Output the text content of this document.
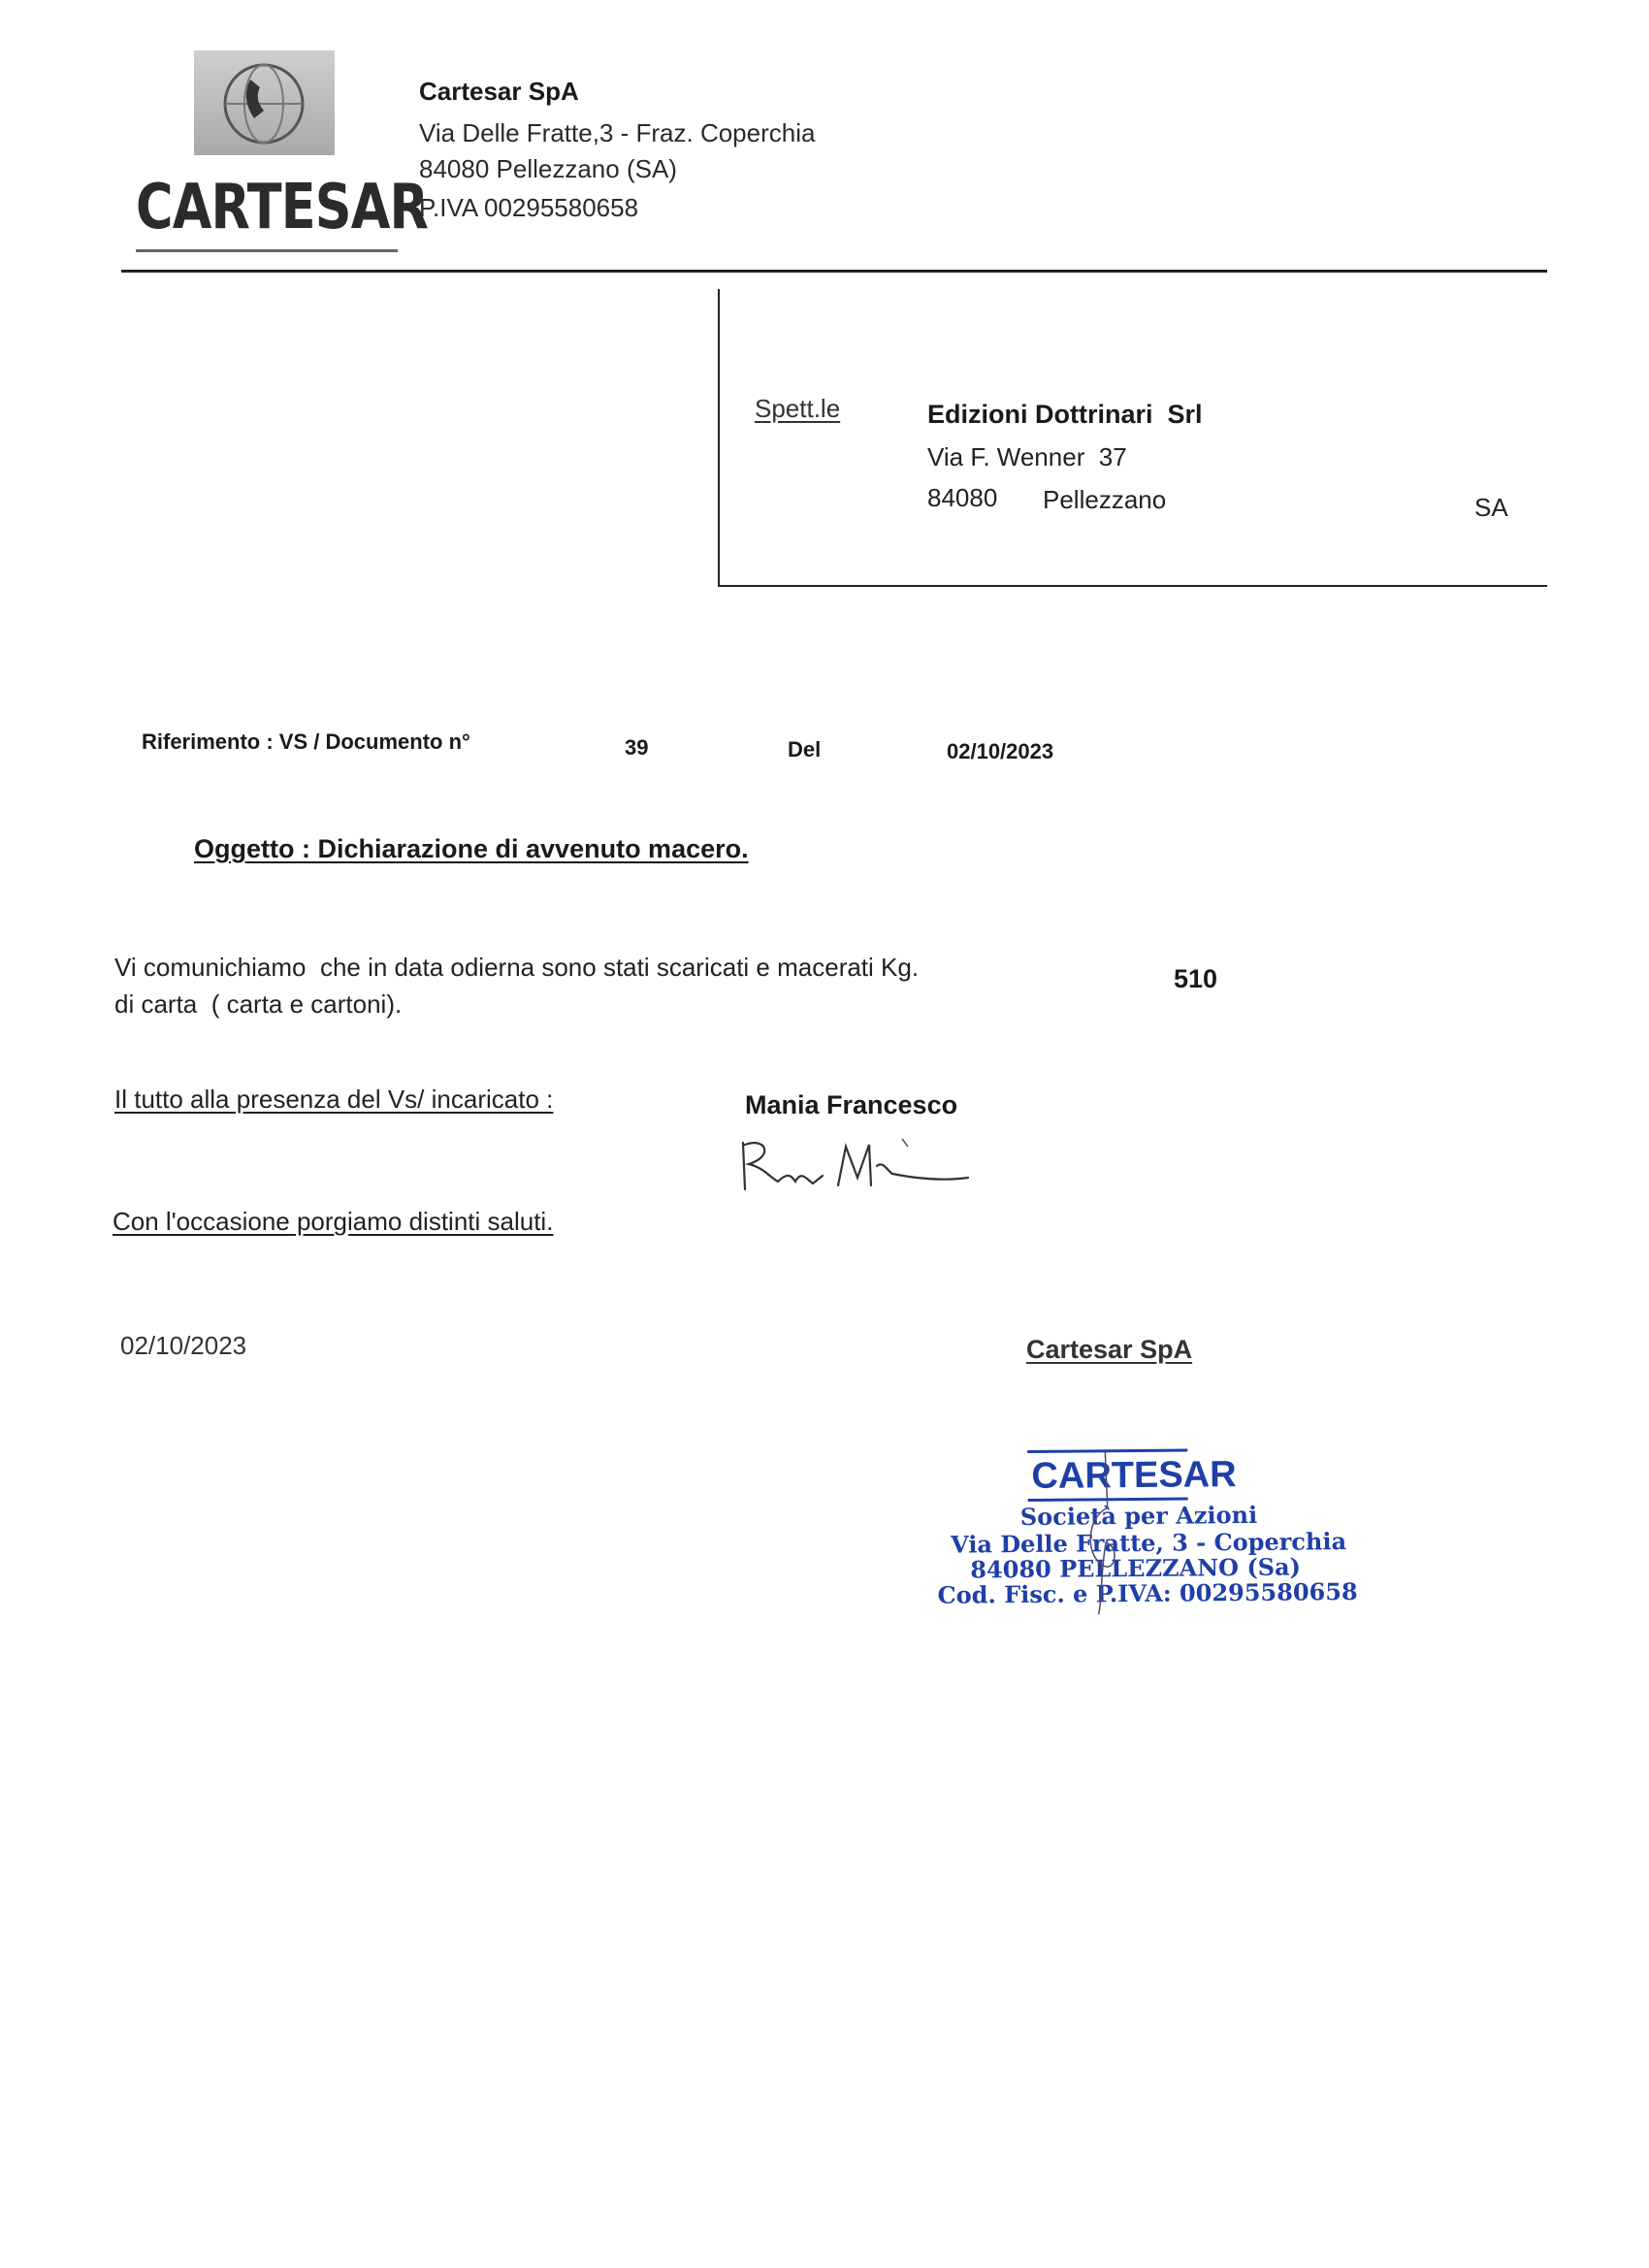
CARTESAR
Cartesar SpA
Via Delle Fratte,3 - Fraz. Coperchia
84080 Pellezzano (SA)
P.IVA 00295580658
Spett.le	Edizioni Dottrinari  Srl
Via F. Wenner  37
84080 Pellezzano	SA
Riferimento : VS / Documento n°	39	Del	02/10/2023
Oggetto : Dichiarazione di avvenuto macero.
Vi comunichiamo  che in data odierna sono stati scaricati e macerati Kg.	510
di carta  ( carta e cartoni).
Il tutto alla presenza del Vs/ incaricato :	Mania Francesco
Con l'occasione porgiamo distinti saluti.
02/10/2023	Cartesar SpA
CARTESAR
Società per Azioni
Via Delle Fratte, 3 - Coperchia
84080 PELLEZZANO (Sa)
Cod. Fisc. e P.IVA: 00295580658
